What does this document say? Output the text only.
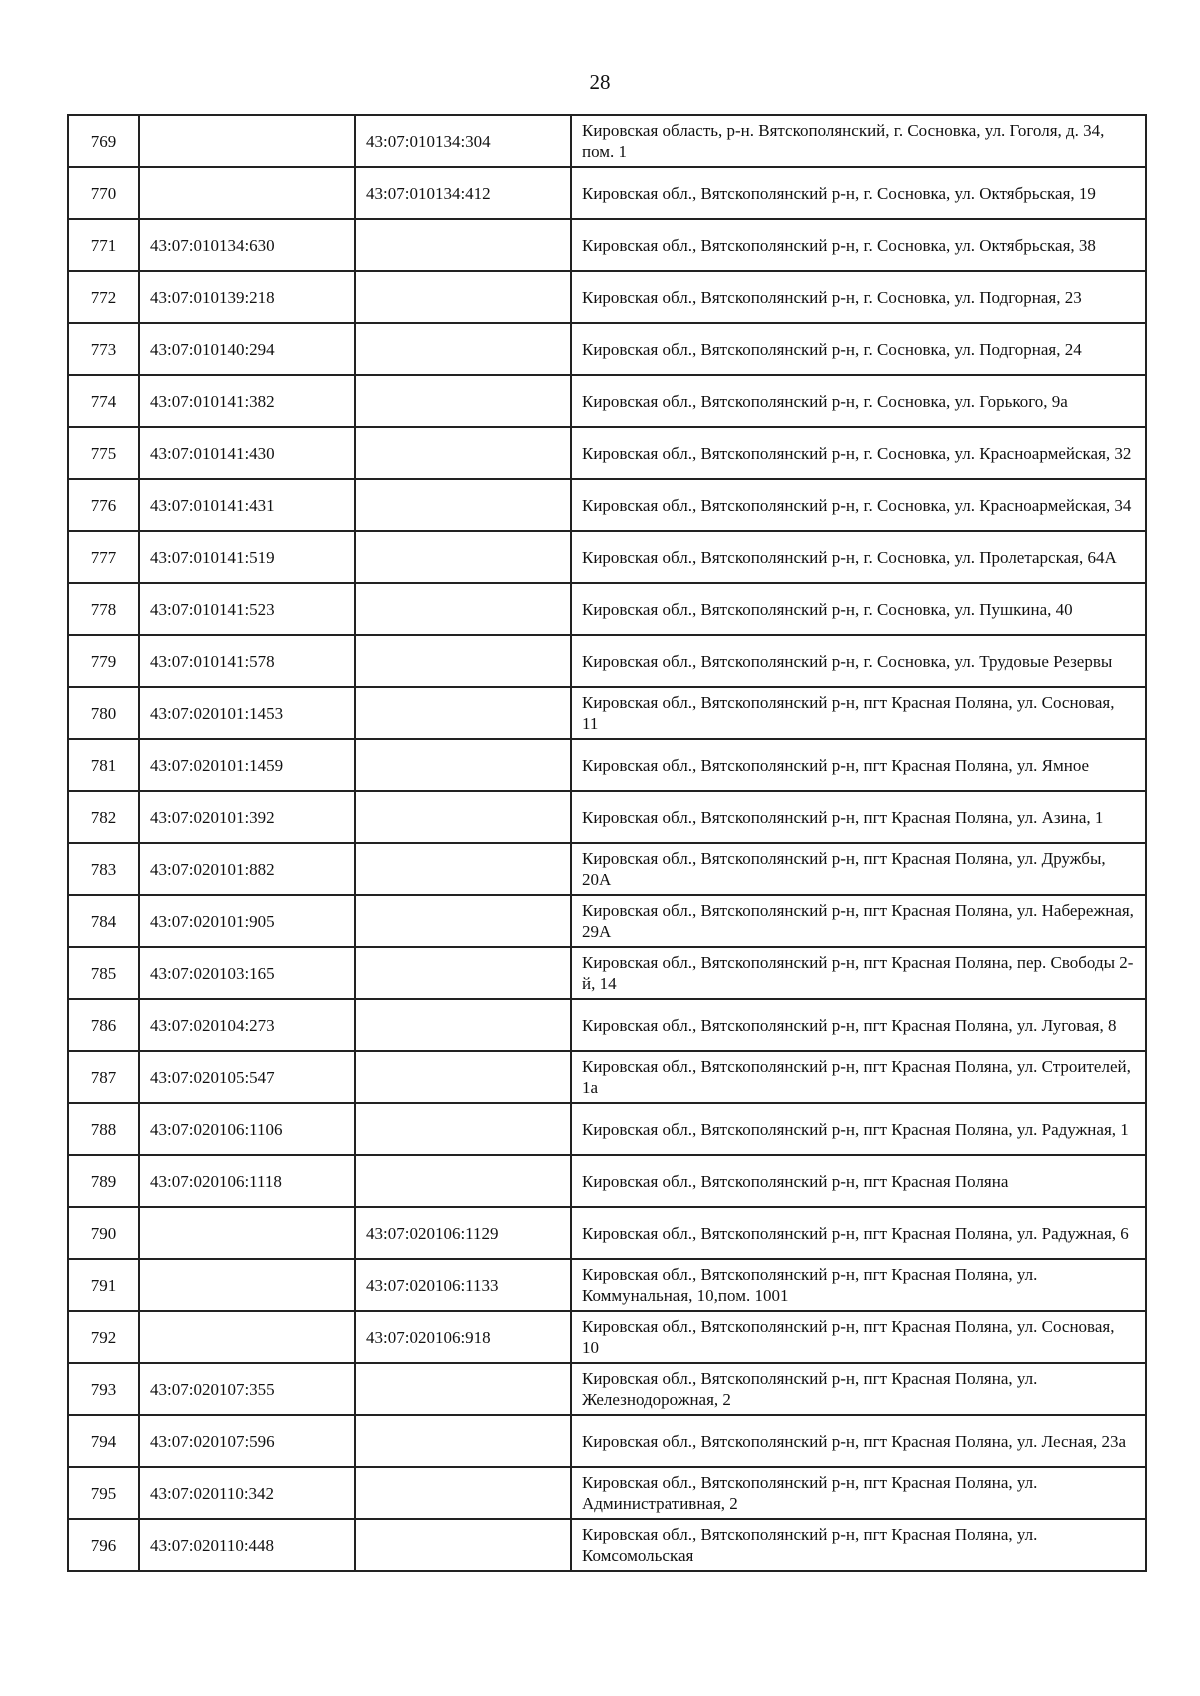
28
769		43:07:010134:304	Кировская область, р-н. Вятскополянский, г. Сосновка, ул. Гоголя, д. 34, пом. 1
770		43:07:010134:412	Кировская обл., Вятскополянский р-н, г. Сосновка, ул. Октябрьская, 19
771	43:07:010134:630		Кировская обл., Вятскополянский р-н, г. Сосновка, ул. Октябрьская, 38
772	43:07:010139:218		Кировская обл., Вятскополянский р-н, г. Сосновка, ул. Подгорная, 23
773	43:07:010140:294		Кировская обл., Вятскополянский р-н, г. Сосновка, ул. Подгорная, 24
774	43:07:010141:382		Кировская обл., Вятскополянский р-н, г. Сосновка, ул. Горького, 9а
775	43:07:010141:430		Кировская обл., Вятскополянский р-н, г. Сосновка, ул. Красноармейская, 32
776	43:07:010141:431		Кировская обл., Вятскополянский р-н, г. Сосновка, ул. Красноармейская, 34
777	43:07:010141:519		Кировская обл., Вятскополянский р-н, г. Сосновка, ул. Пролетарская, 64А
778	43:07:010141:523		Кировская обл., Вятскополянский р-н, г. Сосновка, ул. Пушкина, 40
779	43:07:010141:578		Кировская обл., Вятскополянский р-н, г. Сосновка, ул. Трудовые Резервы
780	43:07:020101:1453		Кировская обл., Вятскополянский р-н, пгт Красная Поляна, ул. Сосновая, 11
781	43:07:020101:1459		Кировская обл., Вятскополянский р-н, пгт Красная Поляна, ул. Ямное
782	43:07:020101:392		Кировская обл., Вятскополянский р-н, пгт Красная Поляна, ул. Азина, 1
783	43:07:020101:882		Кировская обл., Вятскополянский р-н, пгт Красная Поляна, ул. Дружбы, 20А
784	43:07:020101:905		Кировская обл., Вятскополянский р-н, пгт Красная Поляна, ул. Набережная, 29А
785	43:07:020103:165		Кировская обл., Вятскополянский р-н, пгт Красная Поляна, пер. Свободы 2-й, 14
786	43:07:020104:273		Кировская обл., Вятскополянский р-н, пгт Красная Поляна, ул. Луговая, 8
787	43:07:020105:547		Кировская обл., Вятскополянский р-н, пгт Красная Поляна, ул. Строителей, 1а
788	43:07:020106:1106		Кировская обл., Вятскополянский р-н, пгт Красная Поляна, ул. Радужная, 1
789	43:07:020106:1118		Кировская обл., Вятскополянский р-н, пгт Красная Поляна
790		43:07:020106:1129	Кировская обл., Вятскополянский р-н, пгт Красная Поляна, ул. Радужная, 6
791		43:07:020106:1133	Кировская обл., Вятскополянский р-н, пгт Красная Поляна, ул. Коммунальная, 10,пом. 1001
792		43:07:020106:918	Кировская обл., Вятскополянский р-н, пгт Красная Поляна, ул. Сосновая, 10
793	43:07:020107:355		Кировская обл., Вятскополянский р-н, пгт Красная Поляна, ул. Железнодорожная, 2
794	43:07:020107:596		Кировская обл., Вятскополянский р-н, пгт Красная Поляна, ул. Лесная, 23а
795	43:07:020110:342		Кировская обл., Вятскополянский р-н, пгт Красная Поляна, ул. Административная, 2
796	43:07:020110:448		Кировская обл., Вятскополянский р-н, пгт Красная Поляна, ул. Комсомольская
